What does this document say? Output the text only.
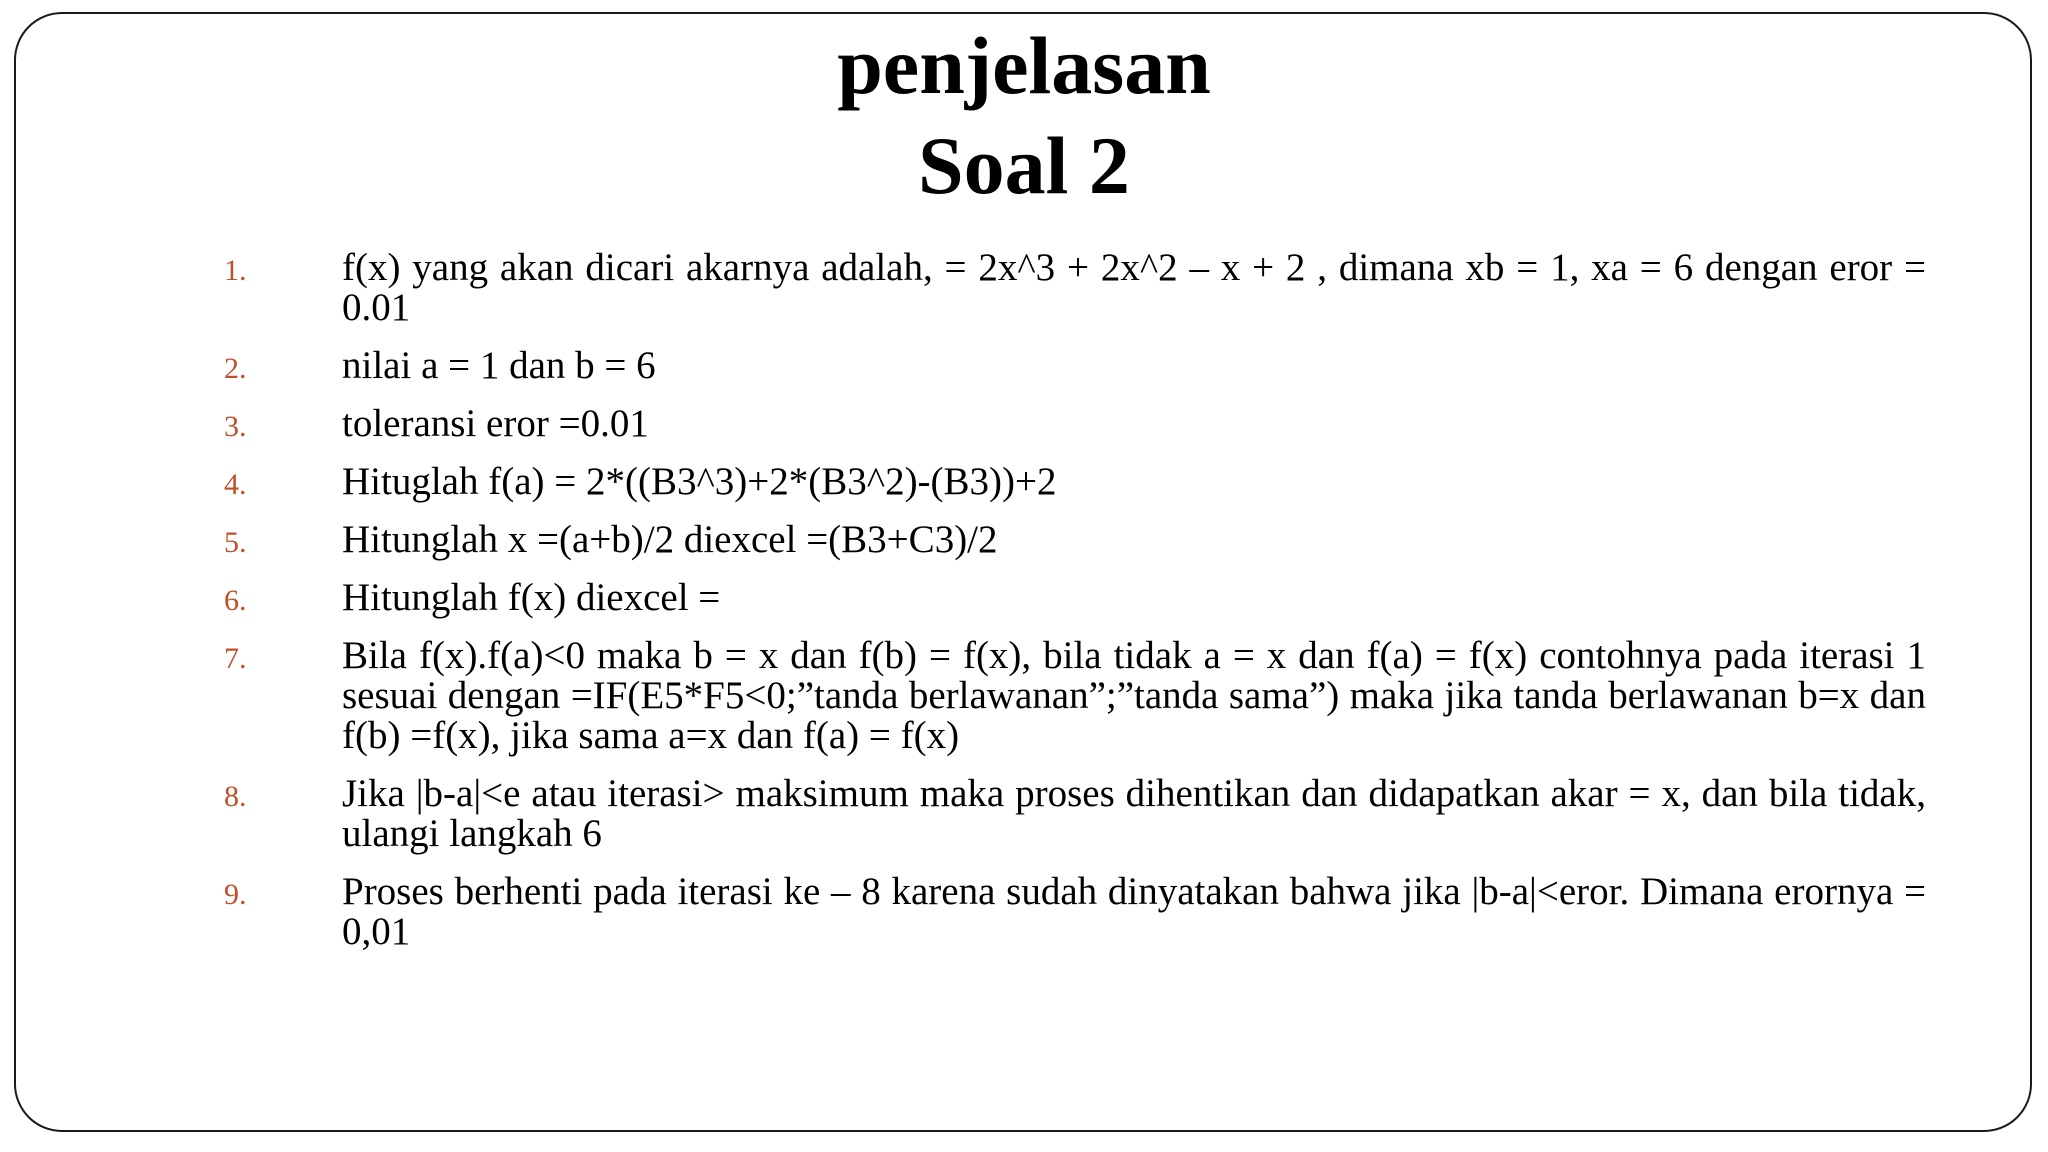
penjelasan
Soal 2
1. f(x) yang akan dicari akarnya adalah, = 2x^3 + 2x^2 – x + 2 , dimana xb = 1, xa = 6 dengan eror = 0.01
2. nilai a = 1 dan b = 6
3. toleransi eror =0.01
4. Hituglah f(a) = 2*((B3^3)+2*(B3^2)-(B3))+2
5. Hitunglah x =(a+b)/2 diexcel =(B3+C3)/2
6. Hitunglah f(x) diexcel =
7. Bila f(x).f(a)<0 maka b = x dan f(b) = f(x), bila tidak a = x dan f(a) = f(x) contohnya pada iterasi 1 sesuai dengan =IF(E5*F5<0;”tanda berlawanan”;”tanda sama”) maka jika tanda berlawanan b=x dan f(b) =f(x), jika sama a=x dan f(a) = f(x)
8. Jika |b-a|<e atau iterasi> maksimum maka proses dihentikan dan didapatkan akar = x, dan bila tidak, ulangi langkah 6
9. Proses berhenti pada iterasi ke – 8 karena sudah dinyatakan bahwa jika |b-a|<eror. Dimana erornya = 0,01
